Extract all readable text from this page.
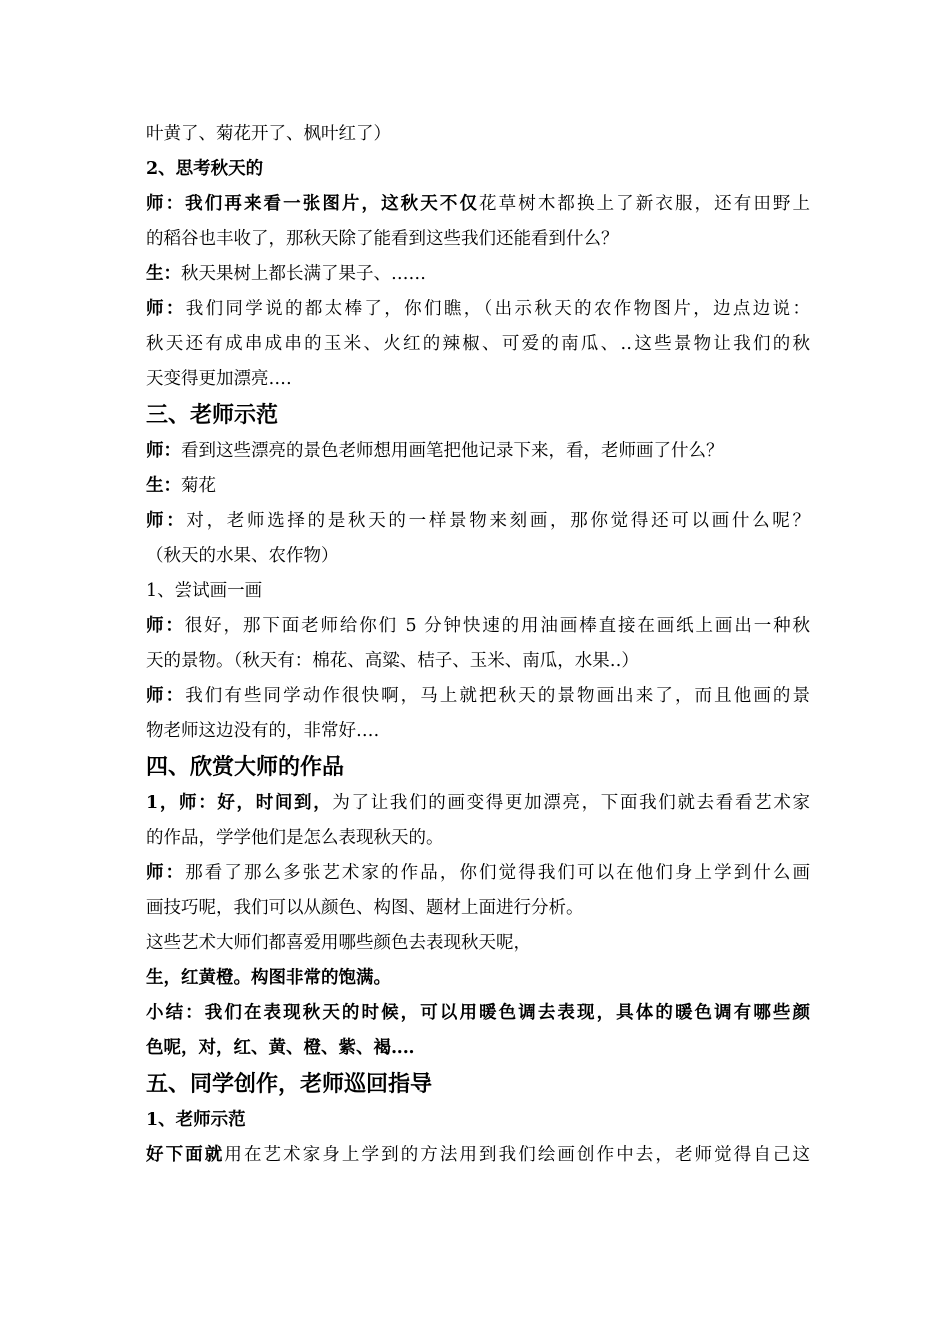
叶黄了、菊花开了、枫叶红了）

2、思考秋天的

师：我们再来看一张图片，这秋天不仅花草树木都换上了新衣服，还有田野上

的稻谷也丰收了，那秋天除了能看到这些我们还能看到什么？

生：秋天果树上都长满了果子、……

师：我们同学说的都太棒了，你们瞧，（出示秋天的农作物图片，边点边说：

秋天还有成串成串的玉米、火红的辣椒、可爱的南瓜、‥这些景物让我们的秋

天变得更加漂亮‥‥

三、老师示范

师：看到这些漂亮的景色老师想用画笔把他记录下来，看，老师画了什么？

生：菊花

师：对，老师选择的是秋天的一样景物来刻画，那你觉得还可以画什么呢？

（秋天的水果、农作物）

1、尝试画一画

师：很好，那下面老师给你们 5 分钟快速的用油画棒直接在画纸上画出一种秋

天的景物。（秋天有：棉花、高粱、桔子、玉米、南瓜，水果‥）

师：我们有些同学动作很快啊，马上就把秋天的景物画出来了，而且他画的景

物老师这边没有的，非常好‥‥

四、欣赏大师的作品

1，师：好，时间到，为了让我们的画变得更加漂亮，下面我们就去看看艺术家

的作品，学学他们是怎么表现秋天的。

师：那看了那么多张艺术家的作品，你们觉得我们可以在他们身上学到什么画

画技巧呢，我们可以从颜色、构图、题材上面进行分析。

这些艺术大师们都喜爱用哪些颜色去表现秋天呢，

生，红黄橙。构图非常的饱满。

小结：我们在表现秋天的时候，可以用暖色调去表现，具体的暖色调有哪些颜

色呢，对，红、黄、橙、紫、褐‥‥

五、同学创作，老师巡回指导

1、老师示范

好下面就用在艺术家身上学到的方法用到我们绘画创作中去，老师觉得自己这
